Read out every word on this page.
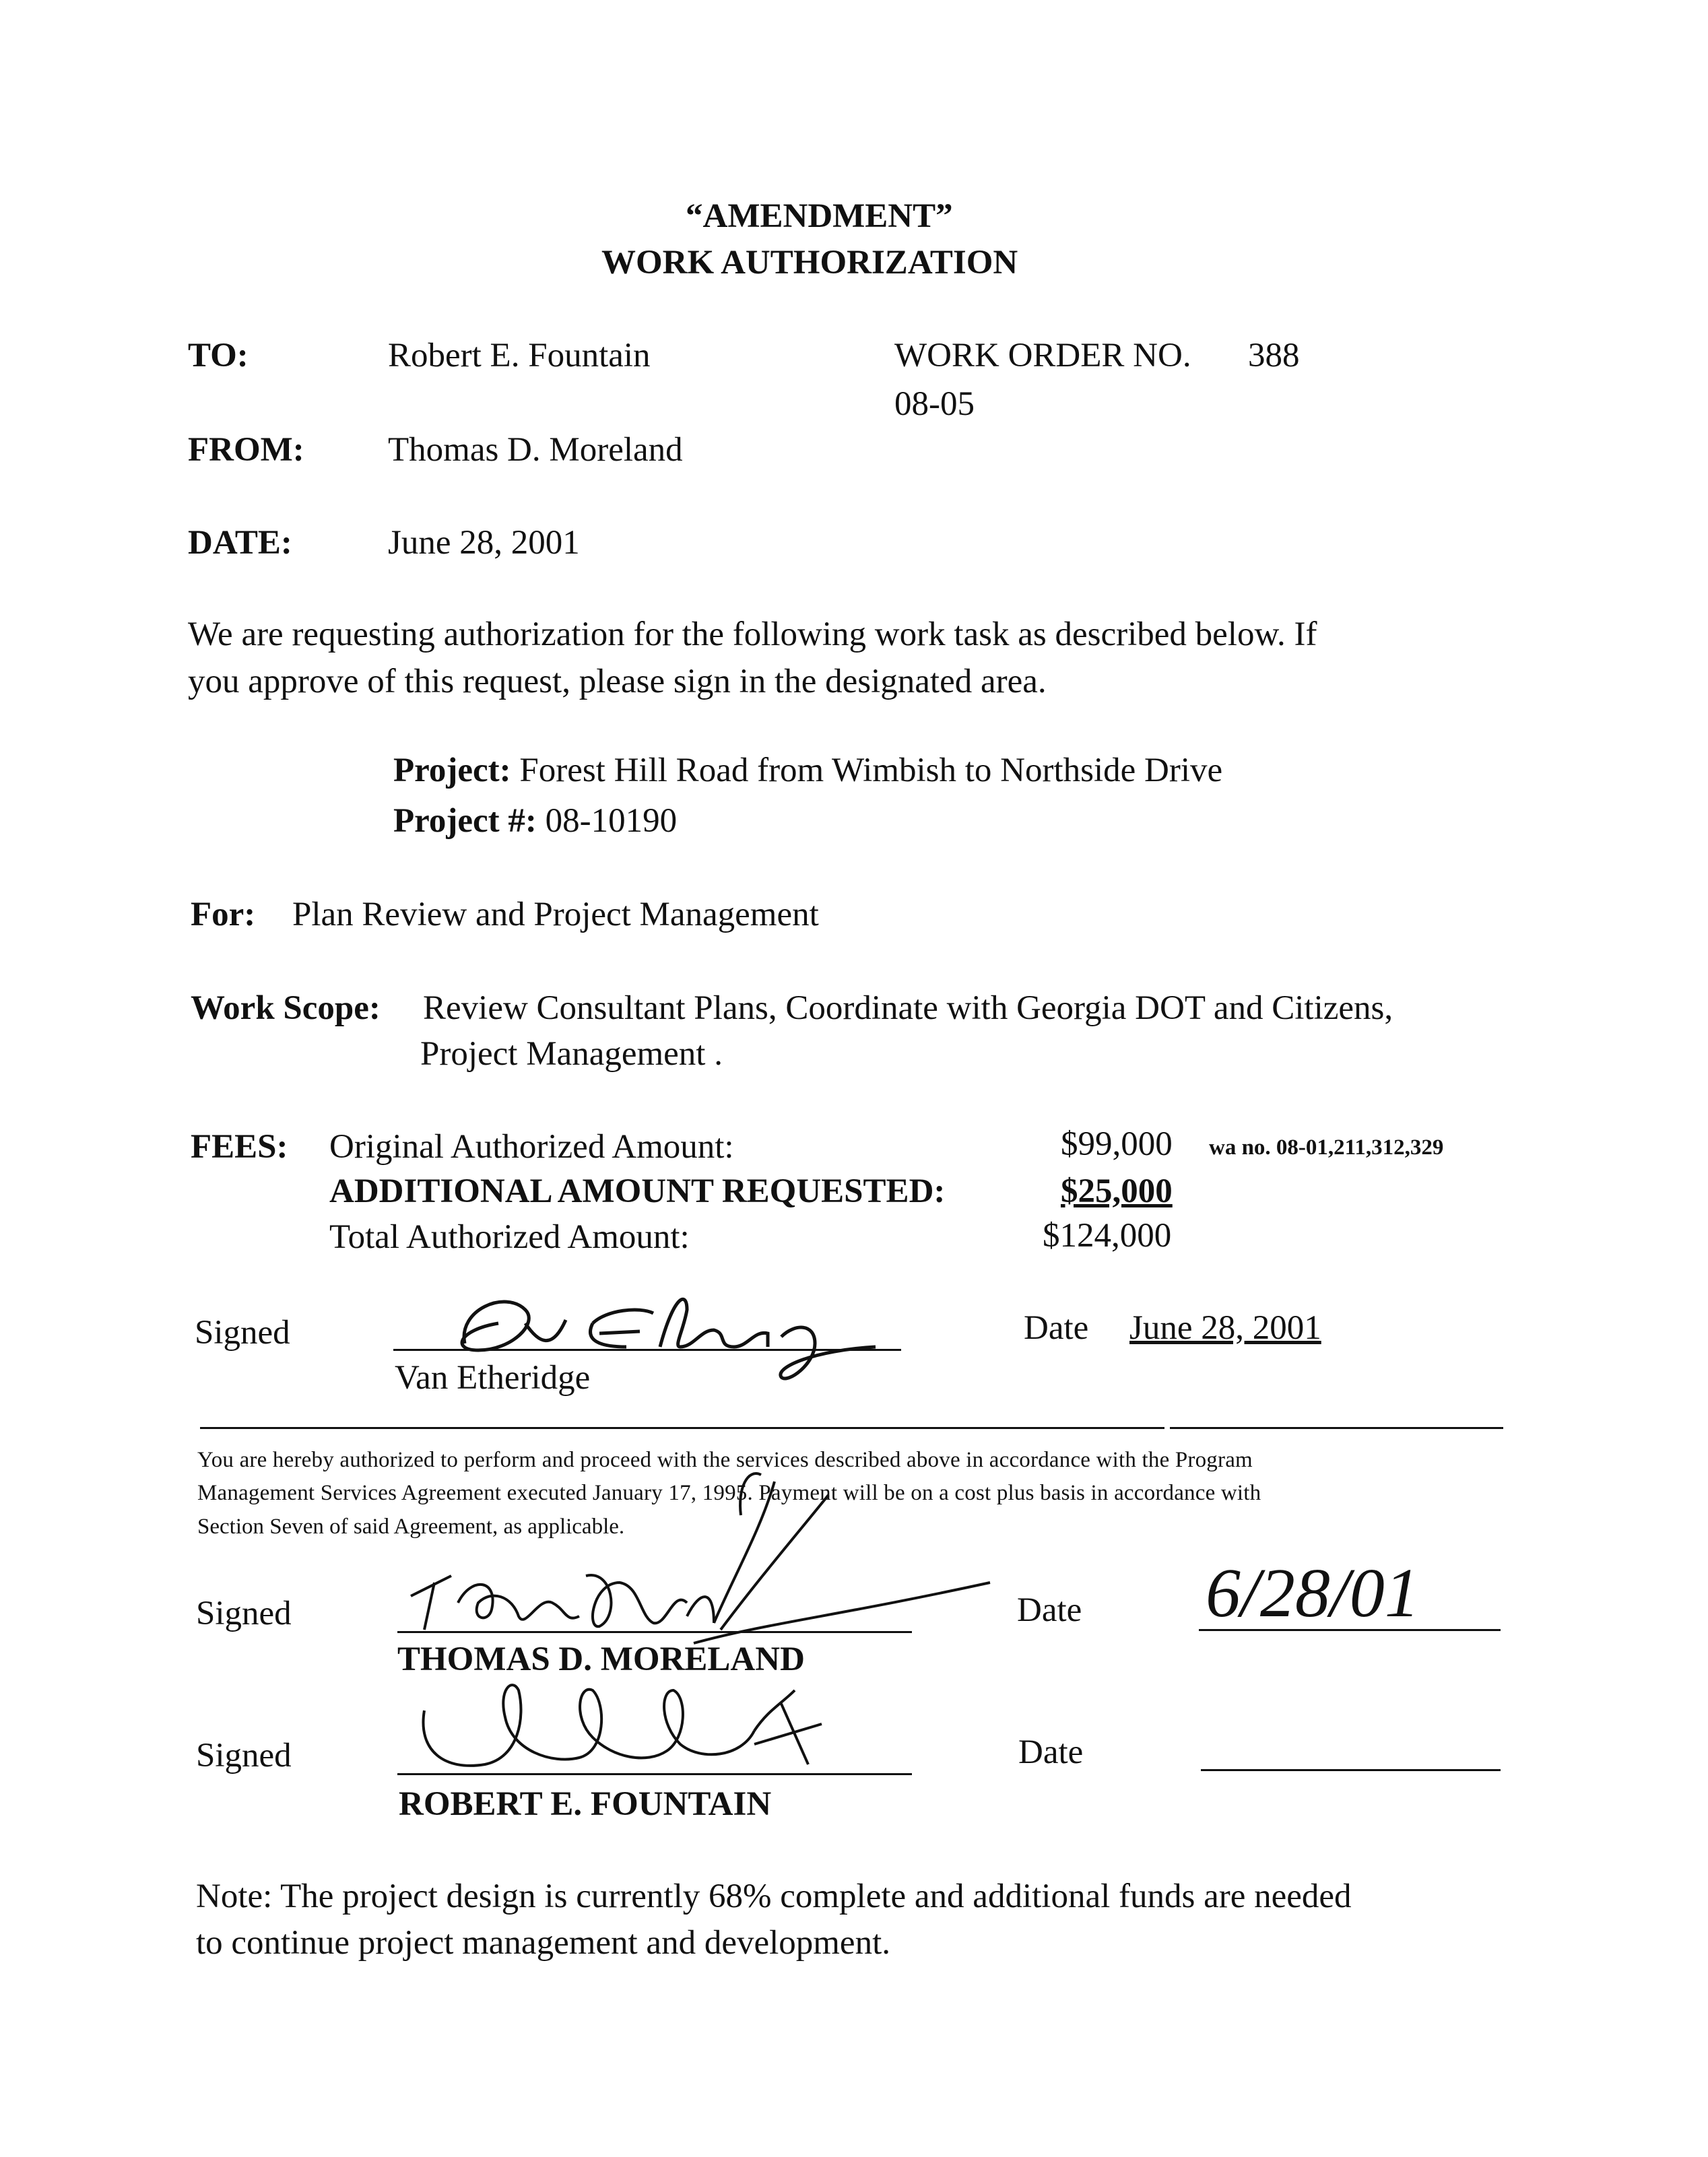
“AMENDMENT”
WORK AUTHORIZATION
TO:	Robert E. Fountain	WORK ORDER NO. 388
08-05
FROM: Thomas D. Moreland
DATE:	June 28, 2001
We are requesting authorization for the following work task as described below. If
you approve of this request, please sign in the designated area.
Project: Forest Hill Road from Wimbish to Northside Drive
Project #: 08-10190
For: Plan Review and Project Management
Work Scope: Review Consultant Plans, Coordinate with Georgia DOT and Citizens,
Project Management .
FEES: Original Authorized Amount:	$99,000 wa no. 08-01,211,312,329
ADDITIONAL AMOUNT REQUESTED:	$25,000
Total Authorized Amount:	$124,000
Signed
Van Etheridge
Date June 28, 2001
You are hereby authorized to perform and proceed with the services described above in accordance with the Program
Management Services Agreement executed January 17, 1995. Payment will be on a cost plus basis in accordance with
Section Seven of said Agreement, as applicable.
Signed
THOMAS D. MORELAND
Date 6/28/01
Signed
ROBERT E. FOUNTAIN
Date
Note: The project design is currently 68% complete and additional funds are needed
to continue project management and development.
